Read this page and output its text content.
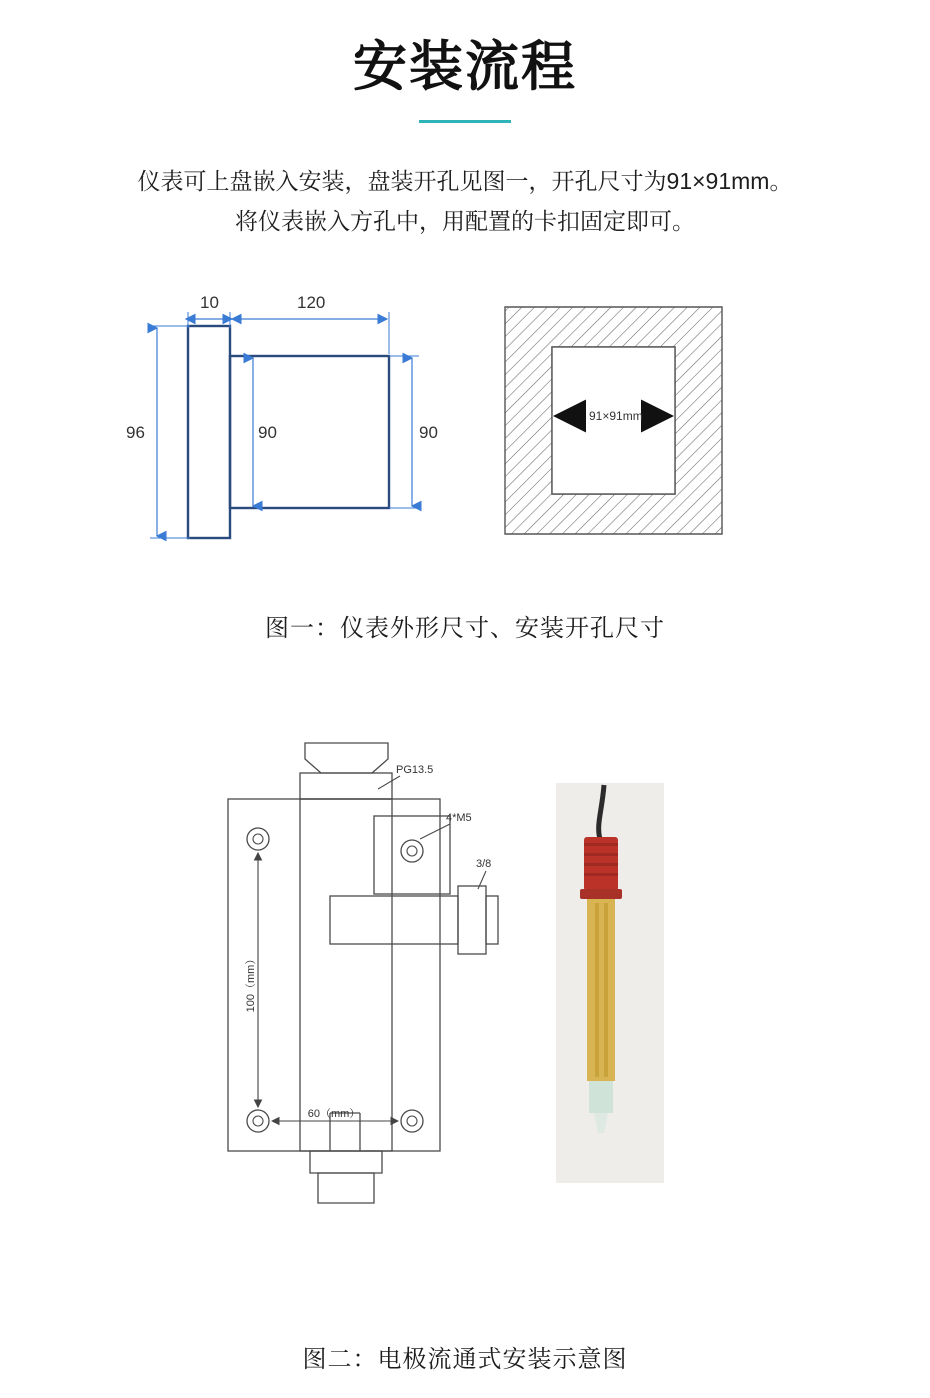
安装流程
仪表可上盘嵌入安装，盘装开孔见图一，开孔尺寸为91×91mm。
将仪表嵌入方孔中，用配置的卡扣固定即可。
10	120
96	90	90
91×91mm
图一：仪表外形尺寸、安装开孔尺寸
PG13.5
4*M5
3/8
100（mm）
60（mm）
图二：电极流通式安装示意图
